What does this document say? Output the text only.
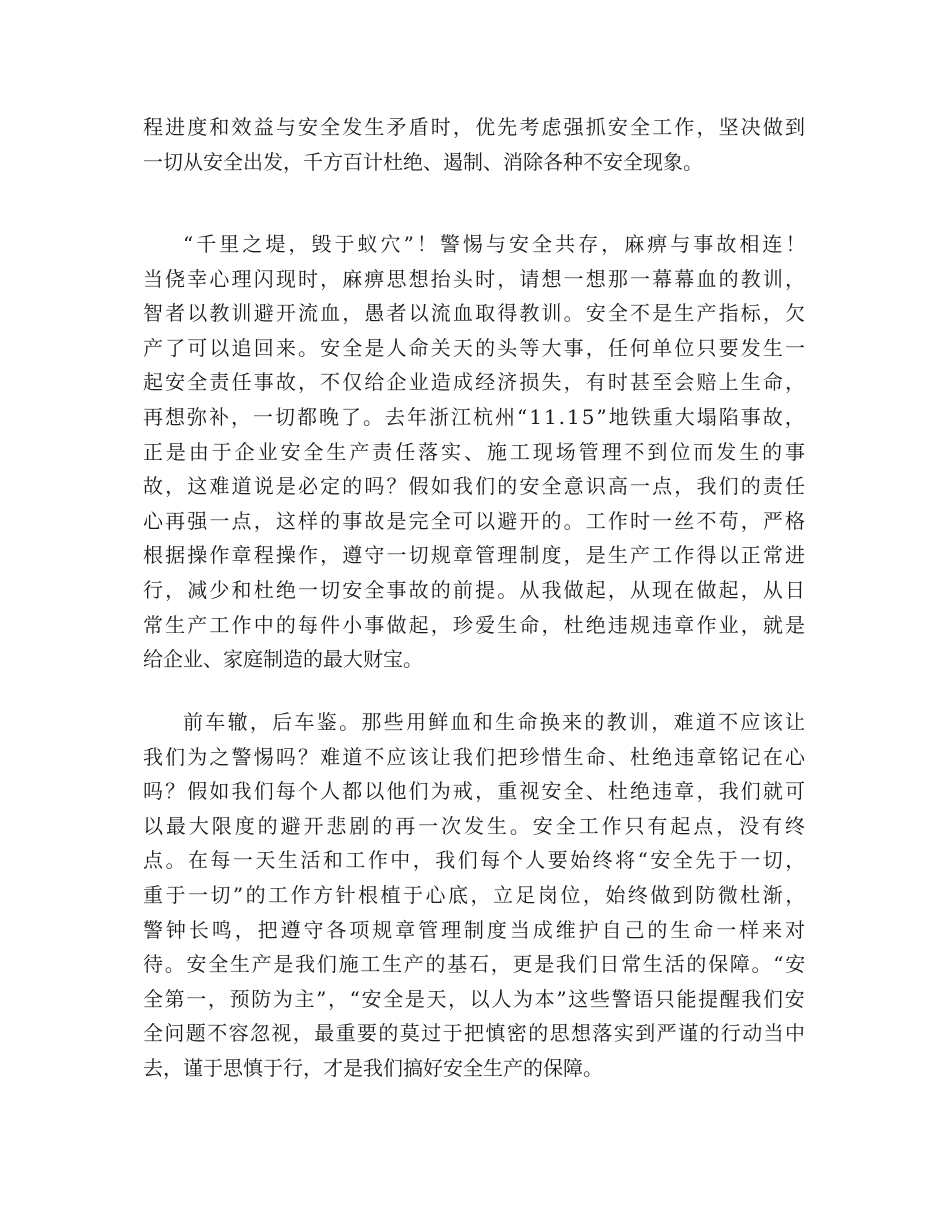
程进度和效益与安全发生矛盾时，优先考虑强抓安全工作，坚决做到
一切从安全出发，千方百计杜绝、遏制、消除各种不安全现象。
“千里之堤，毁于蚁穴”！警惕与安全共存，麻痹与事故相连！
当侥幸心理闪现时，麻痹思想抬头时，请想一想那一幕幕血的教训，
智者以教训避开流血，愚者以流血取得教训。安全不是生产指标，欠
产了可以追回来。安全是人命关天的头等大事，任何单位只要发生一
起安全责任事故，不仅给企业造成经济损失，有时甚至会赔上生命，
再想弥补，一切都晚了。去年浙江杭州“11.15”地铁重大塌陷事故，
正是由于企业安全生产责任落实、施工现场管理不到位而发生的事
故，这难道说是必定的吗？假如我们的安全意识高一点，我们的责任
心再强一点，这样的事故是完全可以避开的。工作时一丝不苟，严格
根据操作章程操作，遵守一切规章管理制度，是生产工作得以正常进
行，减少和杜绝一切安全事故的前提。从我做起，从现在做起，从日
常生产工作中的每件小事做起，珍爱生命，杜绝违规违章作业，就是
给企业、家庭制造的最大财宝。
前车辙，后车鉴。那些用鲜血和生命换来的教训，难道不应该让
我们为之警惕吗？难道不应该让我们把珍惜生命、杜绝违章铭记在心
吗？假如我们每个人都以他们为戒，重视安全、杜绝违章，我们就可
以最大限度的避开悲剧的再一次发生。安全工作只有起点，没有终
点。在每一天生活和工作中，我们每个人要始终将“安全先于一切，
重于一切”的工作方针根植于心底，立足岗位，始终做到防微杜渐，
警钟长鸣，把遵守各项规章管理制度当成维护自己的生命一样来对
待。安全生产是我们施工生产的基石，更是我们日常生活的保障。“安
全第一，预防为主”，“安全是天，以人为本”这些警语只能提醒我们安
全问题不容忽视，最重要的莫过于把慎密的思想落实到严谨的行动当中
去，谨于思慎于行，才是我们搞好安全生产的保障。
